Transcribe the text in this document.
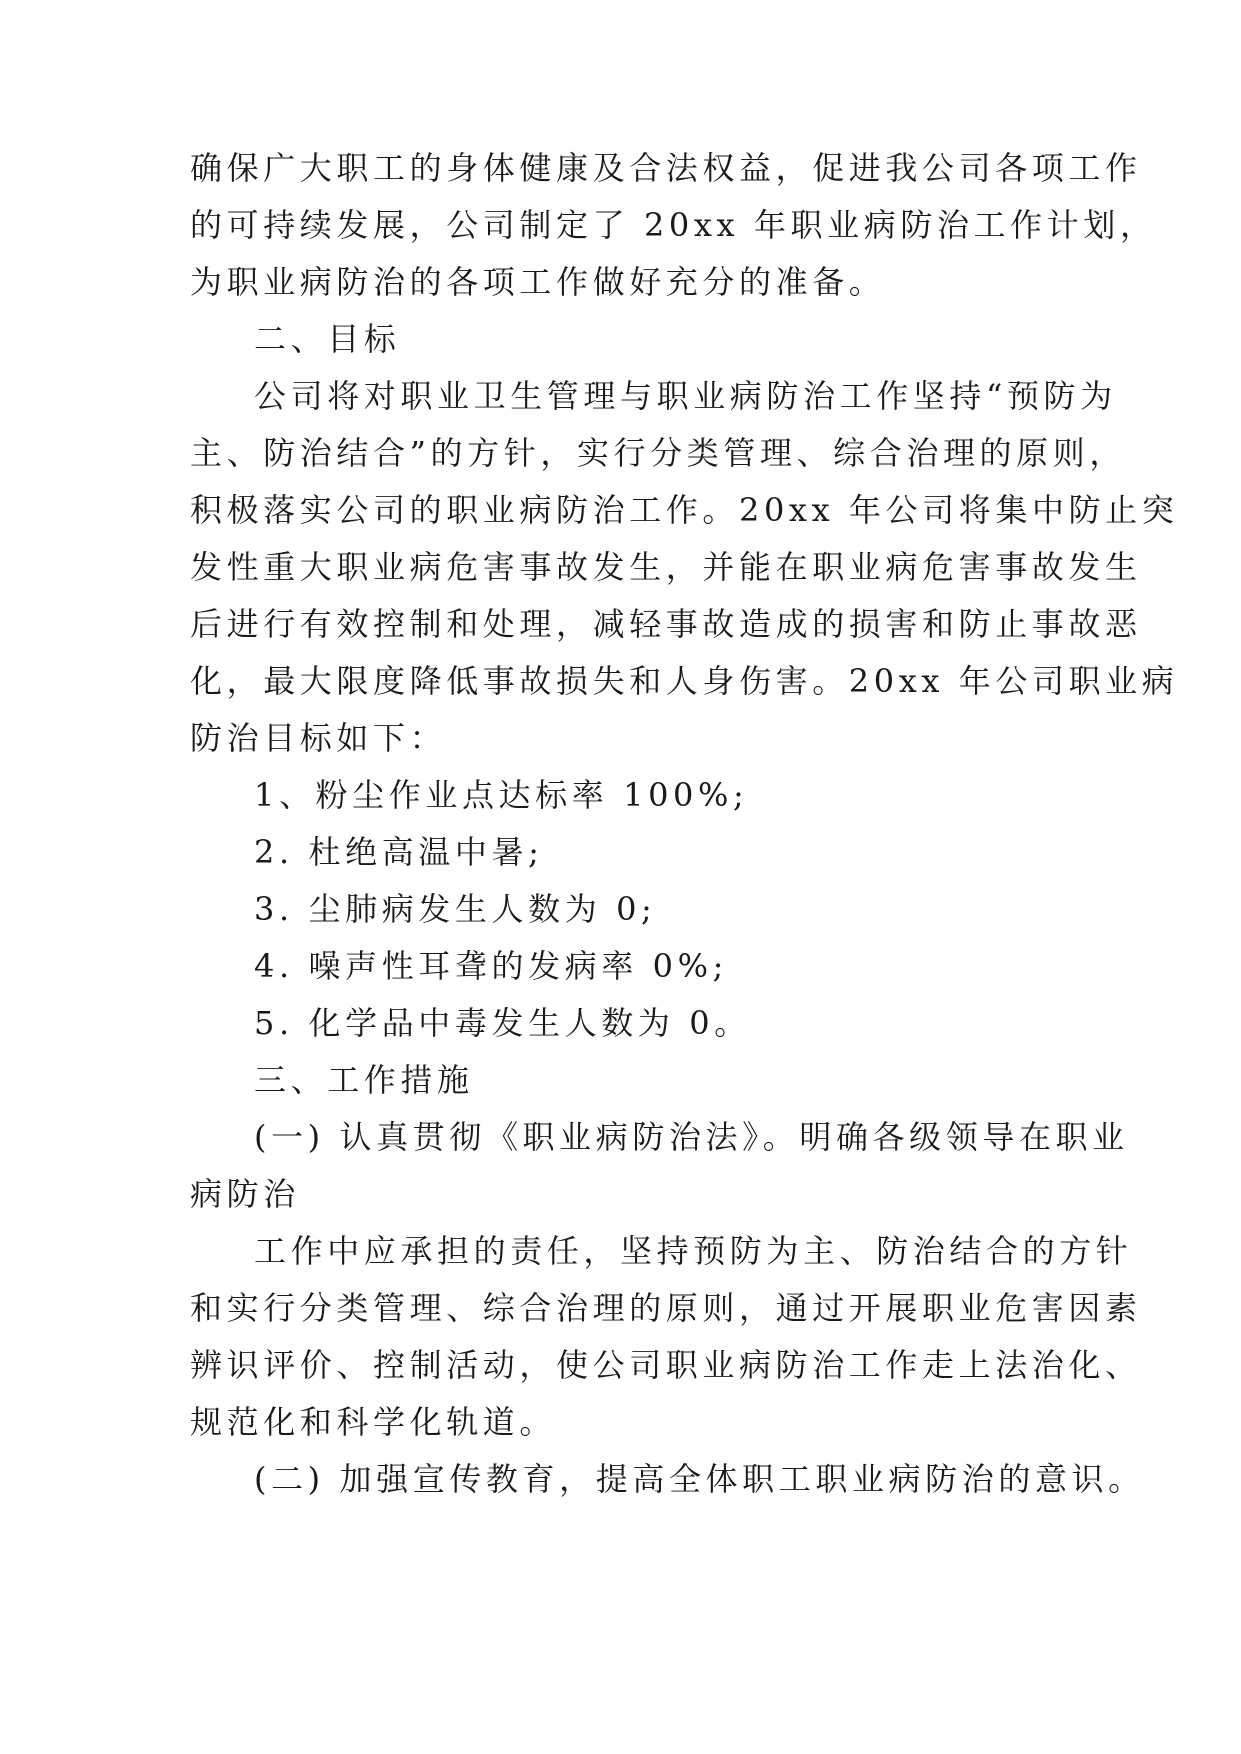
确保广大职工的身体健康及合法权益，促进我公司各项工作
的可持续发展，公司制定了 20xx 年职业病防治工作计划，
为职业病防治的各项工作做好充分的准备。
二、目标
公司将对职业卫生管理与职业病防治工作坚持“预防为
主、防治结合”的方针，实行分类管理、综合治理的原则，
积极落实公司的职业病防治工作。20xx 年公司将集中防止突
发性重大职业病危害事故发生，并能在职业病危害事故发生
后进行有效控制和处理，减轻事故造成的损害和防止事故恶
化，最大限度降低事故损失和人身伤害。20xx 年公司职业病
防治目标如下：
1、粉尘作业点达标率 100%;
2. 杜绝高温中暑;
3. 尘肺病发生人数为 0;
4. 噪声性耳聋的发病率 0%;
5. 化学品中毒发生人数为 0。
三、工作措施
(一) 认真贯彻《职业病防治法》。明确各级领导在职业
病防治
工作中应承担的责任，坚持预防为主、防治结合的方针
和实行分类管理、综合治理的原则，通过开展职业危害因素
辨识评价、控制活动，使公司职业病防治工作走上法治化、
规范化和科学化轨道。
(二) 加强宣传教育，提高全体职工职业病防治的意识。
